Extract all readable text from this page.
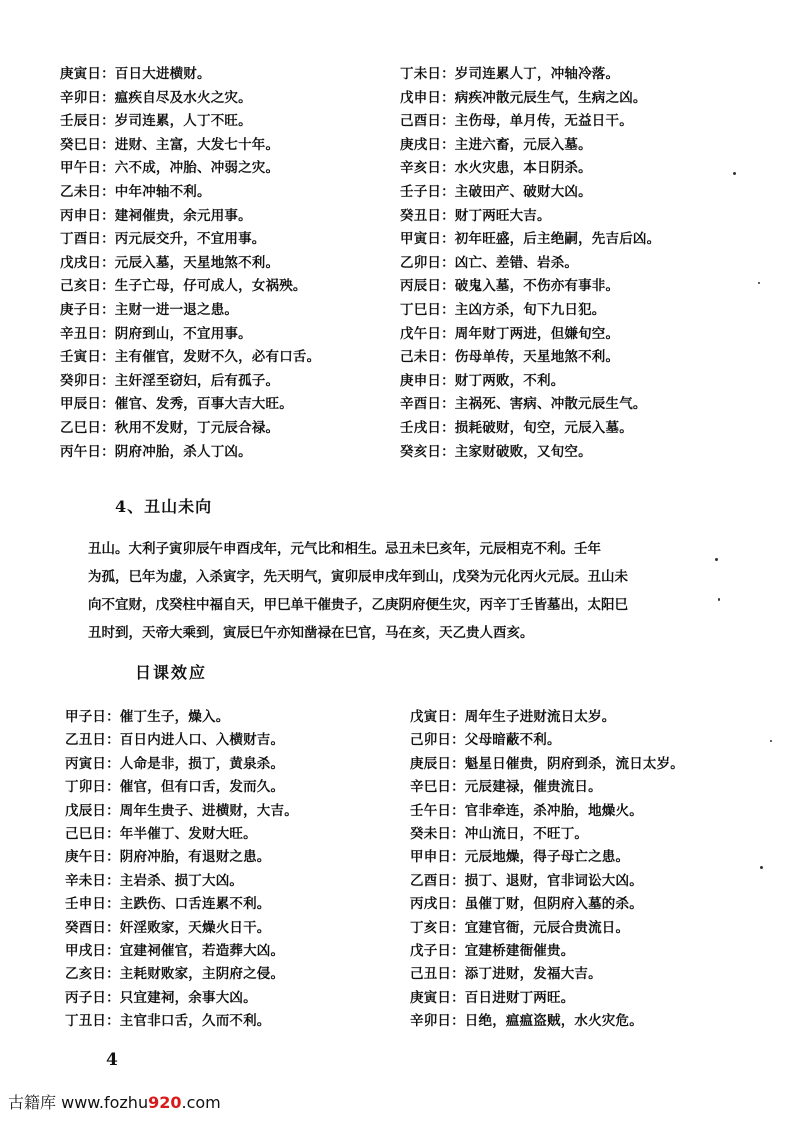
庚寅日：百日大进横财。
辛卯日：瘟疾自尽及水火之灾。
壬辰日：岁司连累，人丁不旺。
癸巳日：进财、主富，大发七十年。
甲午日：六不成，冲胎、冲弱之灾。
乙未日：中年冲轴不利。
丙申日：建祠催贵，余元用事。
丁酉日：丙元辰交升，不宜用事。
戊戌日：元辰入墓，天星地煞不利。
己亥日：生子亡母，仔可成人，女祸殃。
庚子日：主财一进一退之患。
辛丑日：阴府到山，不宜用事。
壬寅日：主有催官，发财不久，必有口舌。
癸卯日：主奸淫至窃妇，后有孤子。
甲辰日：催官、发秀，百事大吉大旺。
乙巳日：秋用不发财，丁元辰合禄。
丙午日：阴府冲胎，杀人丁凶。
丁未日：岁司连累人丁，冲轴冷落。
戊申日：病疾冲散元辰生气，生病之凶。
己酉日：主伤母，单月传，无益日干。
庚戌日：主进六畜，元辰入墓。
辛亥日：水火灾患，本日阴杀。
壬子日：主破田产、破财大凶。
癸丑日：财丁两旺大吉。
甲寅日：初年旺盛，后主绝嗣，先吉后凶。
乙卯日：凶亡、差错、岩杀。
丙辰日：破鬼入墓，不伤亦有事非。
丁巳日：主凶方杀，旬下九日犯。
戊午日：周年财丁两进，但嫌旬空。
己未日：伤母单传，天星地煞不利。
庚申日：财丁两败，不利。
辛酉日：主祸死、害病、冲散元辰生气。
壬戌日：损耗破财，旬空，元辰入墓。
癸亥日：主家财破败，又旬空。
4、丑山未向
丑山。大利子寅卯辰午申酉戌年，元气比和相生。忌丑未巳亥年，元辰相克不利。壬年
为孤，巳年为虚，入杀寅字，先天明气，寅卯辰申戌年到山，戊癸为元化丙火元辰。丑山未
向不宜财，戊癸柱中福自天，甲巳单干催贵子，乙庚阴府便生灾，丙辛丁壬皆墓出，太阳巳
丑时到，天帝大乘到，寅辰巳午亦知凿禄在巳官，马在亥，天乙贵人酉亥。
日课效应
甲子日：催丁生子，燥入。
乙丑日：百日内进人口、入横财吉。
丙寅日：人命是非，损丁，黄泉杀。
丁卯日：催官，但有口舌，发而久。
戊辰日：周年生贵子、进横财，大吉。
己巳日：年半催丁、发财大旺。
庚午日：阴府冲胎，有退财之患。
辛未日：主岩杀、损丁大凶。
壬申日：主跌伤、口舌连累不利。
癸酉日：奸淫败家，天燥火日干。
甲戌日：宜建祠催官，若造葬大凶。
乙亥日：主耗财败家，主阴府之侵。
丙子日：只宜建祠，余事大凶。
丁丑日：主官非口舌，久而不利。
戊寅日：周年生子进财流日太岁。
己卯日：父母暗蔽不利。
庚辰日：魁星日催贵，阴府到杀，流日太岁。
辛巳日：元辰建禄，催贵流日。
壬午日：官非牵连，杀冲胎，地燥火。
癸未日：冲山流日，不旺丁。
甲申日：元辰地燥，得子母亡之患。
乙酉日：损丁、退财，官非词讼大凶。
丙戌日：虽催丁财，但阴府入墓的杀。
丁亥日：宜建官衙，元辰合贵流日。
戊子日：宜建桥建衙催贵。
己丑日：添丁进财，发福大吉。
庚寅日：百日进财丁两旺。
辛卯日：日绝，瘟瘟盗贼，水火灾危。
4
古籍库 www.fozhu920.com
